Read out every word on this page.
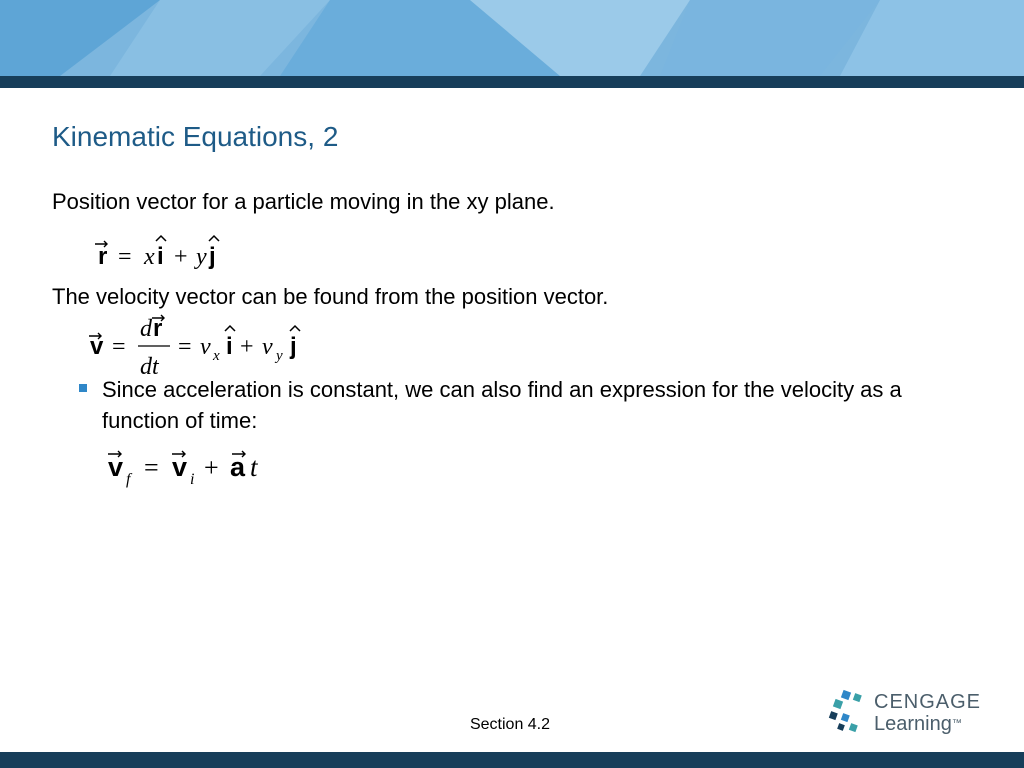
Kinematic Equations, 2
Position vector for a particle moving in the xy plane.
r = x i + y j
The velocity vector can be found from the position vector.
v =
d r
dt
= v x i + v y j
Since acceleration is constant, we can also find an expression for the velocity as a function of time:
v f = v i + a t
Section 4.2
CENGAGE
Learning™
